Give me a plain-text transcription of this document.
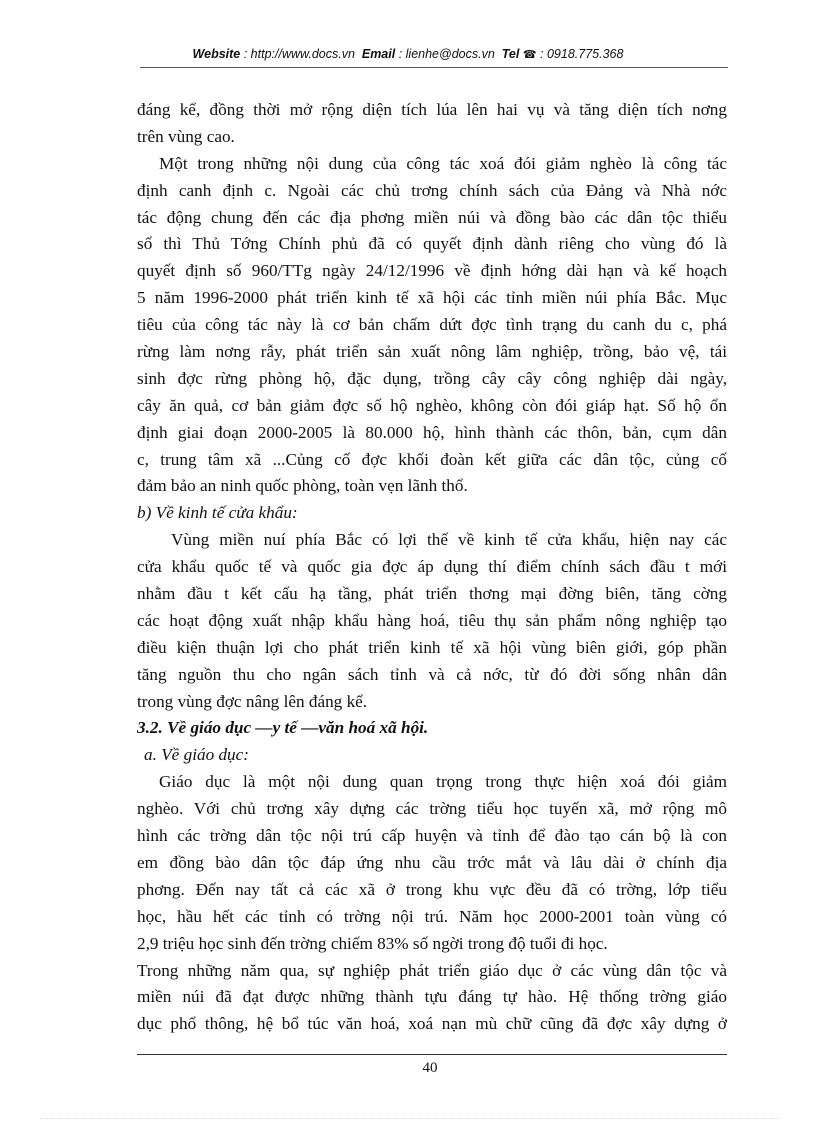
Website : http://www.docs.vn Email : lienhe@docs.vn Tel ☎ : 0918.775.368
đáng kể, đồng thời mở rộng diện tích lúa lên hai vụ và tăng diện tích nơng
trên vùng cao.
Một trong những nội dung của công tác xoá đói giảm nghèo là công tác
định canh định c. Ngoài các chủ trơng chính sách của Đảng và Nhà nớc
tác động chung đến các địa phơng miền núi và đồng bào các dân tộc thiểu
số thì Thủ Tớng Chính phủ đã có quyết định dành riêng cho vùng đó là
quyết định số 960/TTg ngày 24/12/1996 về định hớng dài hạn và kế hoạch
5 năm 1996-2000 phát triển kinh tế xã hội các tỉnh miền núi phía Bắc. Mục
tiêu của công tác này là cơ bản chấm dứt đợc tình trạng du canh du c, phá
rừng làm nơng rẫy, phát triển sản xuất nông lâm nghiệp, trồng, bảo vệ, tái
sinh đợc rừng phòng hộ, đặc dụng, trồng cây cây công nghiệp dài ngày,
cây ăn quả, cơ bản giảm đợc số hộ nghèo, không còn đói giáp hạt. Số hộ ổn
định giai đoạn 2000-2005 là 80.000 hộ, hình thành các thôn, bản, cụm dân
c, trung tâm xã ...Củng cố đợc khối đoàn kết giữa các dân tộc, củng cố
đảm bảo an ninh quốc phòng, toàn vẹn lãnh thổ.
b) Về kinh tế cửa khẩu:
Vùng miền nuí phía Bắc có lợi thế về kinh tế cửa khẩu, hiện nay các
cửa khẩu quốc tế và quốc gia đợc áp dụng thí điểm chính sách đầu t mới
nhằm đầu t kết cấu hạ tầng, phát triển thơng mại đờng biên, tăng cờng
các hoạt động xuất nhập khẩu hàng hoá, tiêu thụ sản phẩm nông nghiệp tạo
điều kiện thuận lợi cho phát triển kinh tế xã hội vùng biên giới, góp phần
tăng nguồn thu cho ngân sách tỉnh và cả nớc, từ đó đời sống nhân dân
trong vùng đợc nâng lên đáng kể.
3.2. Về giáo dục —y tế —văn hoá xã hội.
a. Về giáo dục:
Giáo dục là một nội dung quan trọng trong thực hiện xoá đói giảm
nghèo. Với chủ trơng xây dựng các trờng tiểu học tuyến xã, mở rộng mô
hình các trờng dân tộc nội trú cấp huyện và tỉnh để đào tạo cán bộ là con
em đồng bào dân tộc đáp ứng nhu cầu trớc mắt và lâu dài ở chính địa
phơng. Đến nay tất cả các xã ở trong khu vực đều đã có trờng, lớp tiểu
học, hầu hết các tỉnh có trờng nội trú. Năm học 2000-2001 toàn vùng có
2,9 triệu học sinh đến trờng chiếm 83% số ngời trong độ tuổi đi học.
Trong những năm qua, sự nghiệp phát triển giáo dục ở các vùng dân tộc và
miền núi đã đạt được những thành tựu đáng tự hào. Hệ thống trờng giáo
dục phổ thông, hệ bổ túc văn hoá, xoá nạn mù chữ cũng đã đợc xây dựng ở
40
